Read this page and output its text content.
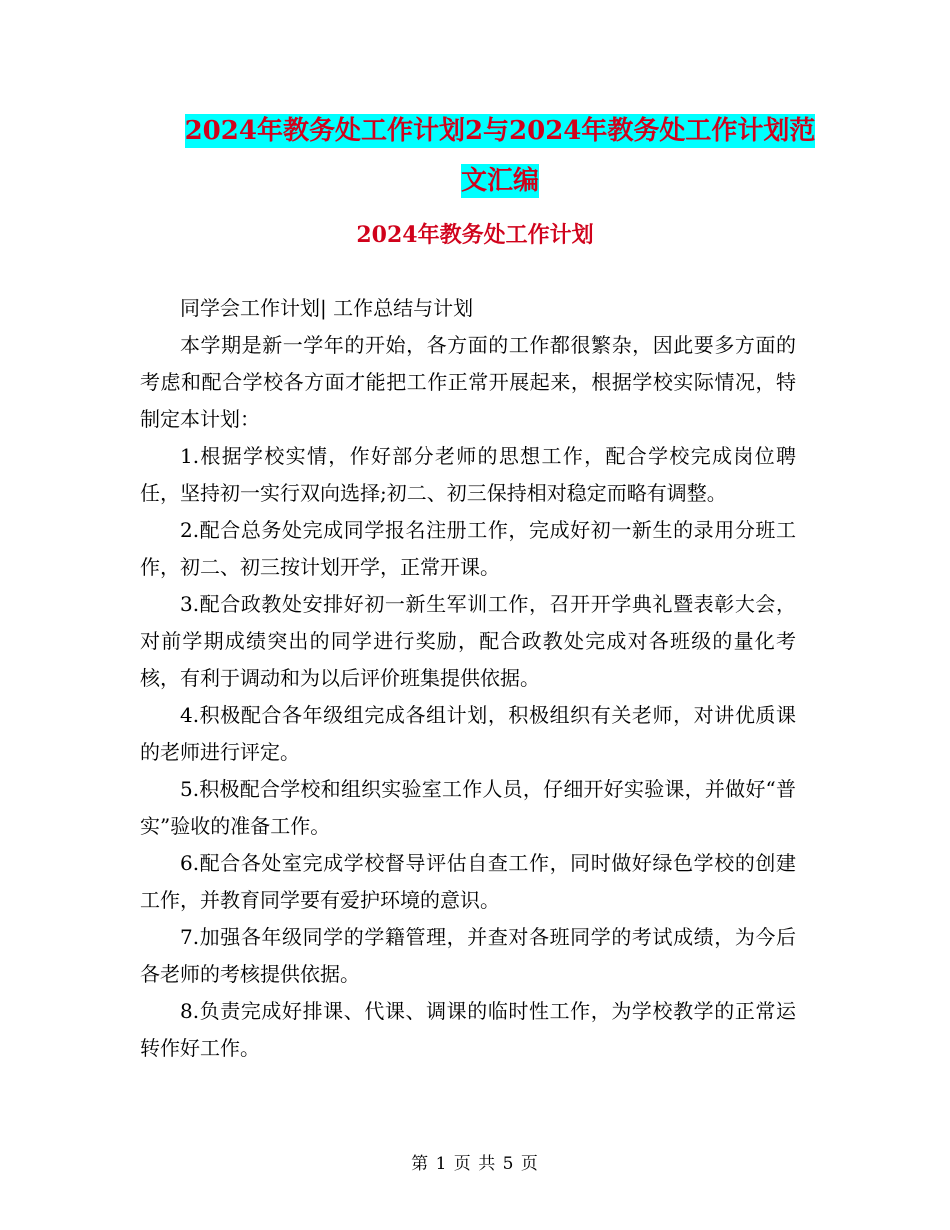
2024年教务处工作计划2与2024年教务处工作计划范
文汇编
2024年教务处工作计划

同学会工作计划| 工作总结与计划

本学期是新一学年的开始，各方面的工作都很繁杂，因此要多方面的考虑和配合学校各方面才能把工作正常开展起来，根据学校实际情况，特制定本计划：

1.根据学校实情，作好部分老师的思想工作，配合学校完成岗位聘任，坚持初一实行双向选择;初二、初三保持相对稳定而略有调整。

2.配合总务处完成同学报名注册工作，完成好初一新生的录用分班工作，初二、初三按计划开学，正常开课。

3.配合政教处安排好初一新生军训工作，召开开学典礼暨表彰大会，对前学期成绩突出的同学进行奖励，配合政教处完成对各班级的量化考核，有利于调动和为以后评价班集提供依据。

4.积极配合各年级组完成各组计划，积极组织有关老师，对讲优质课的老师进行评定。

5.积极配合学校和组织实验室工作人员，仔细开好实验课，并做好“普实”验收的准备工作。

6.配合各处室完成学校督导评估自查工作，同时做好绿色学校的创建工作，并教育同学要有爱护环境的意识。

7.加强各年级同学的学籍管理，并查对各班同学的考试成绩，为今后各老师的考核提供依据。

8.负责完成好排课、代课、调课的临时性工作，为学校教学的正常运转作好工作。

第 1 页 共 5 页
